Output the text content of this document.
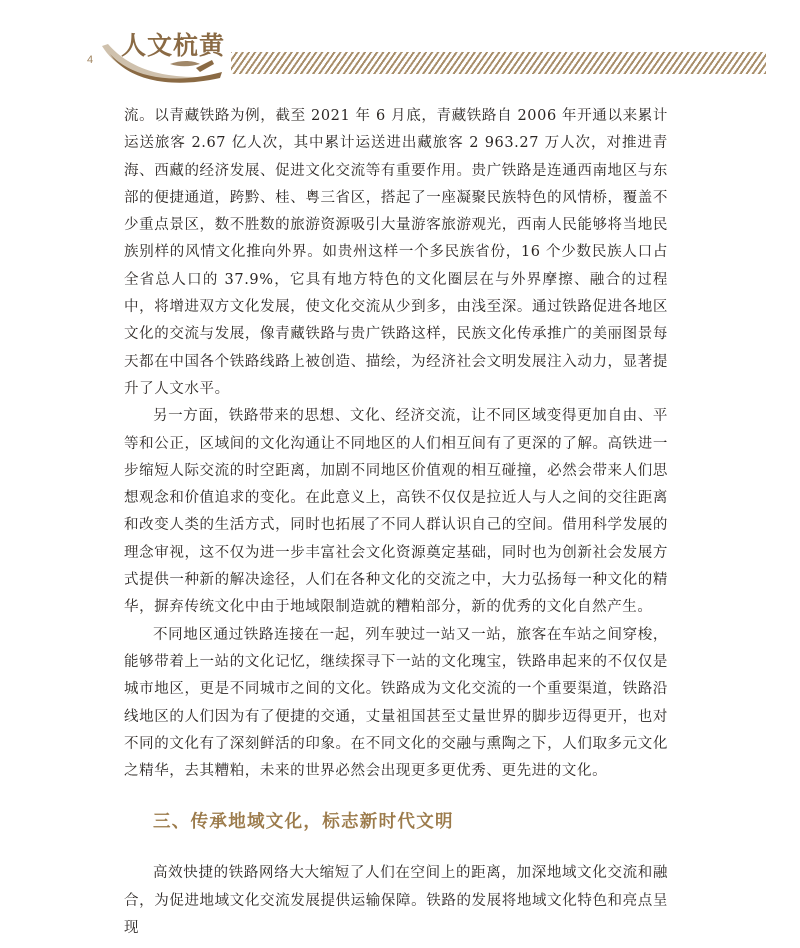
4 人文杭黄

流。以青藏铁路为例，截至 2021 年 6 月底，青藏铁路自 2006 年开通以来累计运送旅客 2.67 亿人次，其中累计运送进出藏旅客 2 963.27 万人次，对推进青海、西藏的经济发展、促进文化交流等有重要作用。贵广铁路是连通西南地区与东部的便捷通道，跨黔、桂、粤三省区，搭起了一座凝聚民族特色的风情桥，覆盖不少重点景区，数不胜数的旅游资源吸引大量游客旅游观光，西南人民能够将当地民族别样的风情文化推向外界。如贵州这样一个多民族省份，16 个少数民族人口占全省总人口的 37.9%，它具有地方特色的文化圈层在与外界摩擦、融合的过程中，将增进双方文化发展，使文化交流从少到多，由浅至深。通过铁路促进各地区文化的交流与发展，像青藏铁路与贵广铁路这样，民族文化传承推广的美丽图景每天都在中国各个铁路线路上被创造、描绘，为经济社会文明发展注入动力，显著提升了人文水平。

另一方面，铁路带来的思想、文化、经济交流，让不同区域变得更加自由、平等和公正，区域间的文化沟通让不同地区的人们相互间有了更深的了解。高铁进一步缩短人际交流的时空距离，加剧不同地区价值观的相互碰撞，必然会带来人们思想观念和价值追求的变化。在此意义上，高铁不仅仅是拉近人与人之间的交往距离和改变人类的生活方式，同时也拓展了不同人群认识自己的空间。借用科学发展的理念审视，这不仅为进一步丰富社会文化资源奠定基础，同时也为创新社会发展方式提供一种新的解决途径，人们在各种文化的交流之中，大力弘扬每一种文化的精华，摒弃传统文化中由于地域限制造就的糟粕部分，新的优秀的文化自然产生。

不同地区通过铁路连接在一起，列车驶过一站又一站，旅客在车站之间穿梭，能够带着上一站的文化记忆，继续探寻下一站的文化瑰宝，铁路串起来的不仅仅是城市地区，更是不同城市之间的文化。铁路成为文化交流的一个重要渠道，铁路沿线地区的人们因为有了便捷的交通，丈量祖国甚至丈量世界的脚步迈得更开，也对不同的文化有了深刻鲜活的印象。在不同文化的交融与熏陶之下，人们取多元文化之精华，去其糟粕，未来的世界必然会出现更多更优秀、更先进的文化。

三、传承地域文化，标志新时代文明

高效快捷的铁路网络大大缩短了人们在空间上的距离，加深地域文化交流和融合，为促进地域文化交流发展提供运输保障。铁路的发展将地域文化特色和亮点呈现
